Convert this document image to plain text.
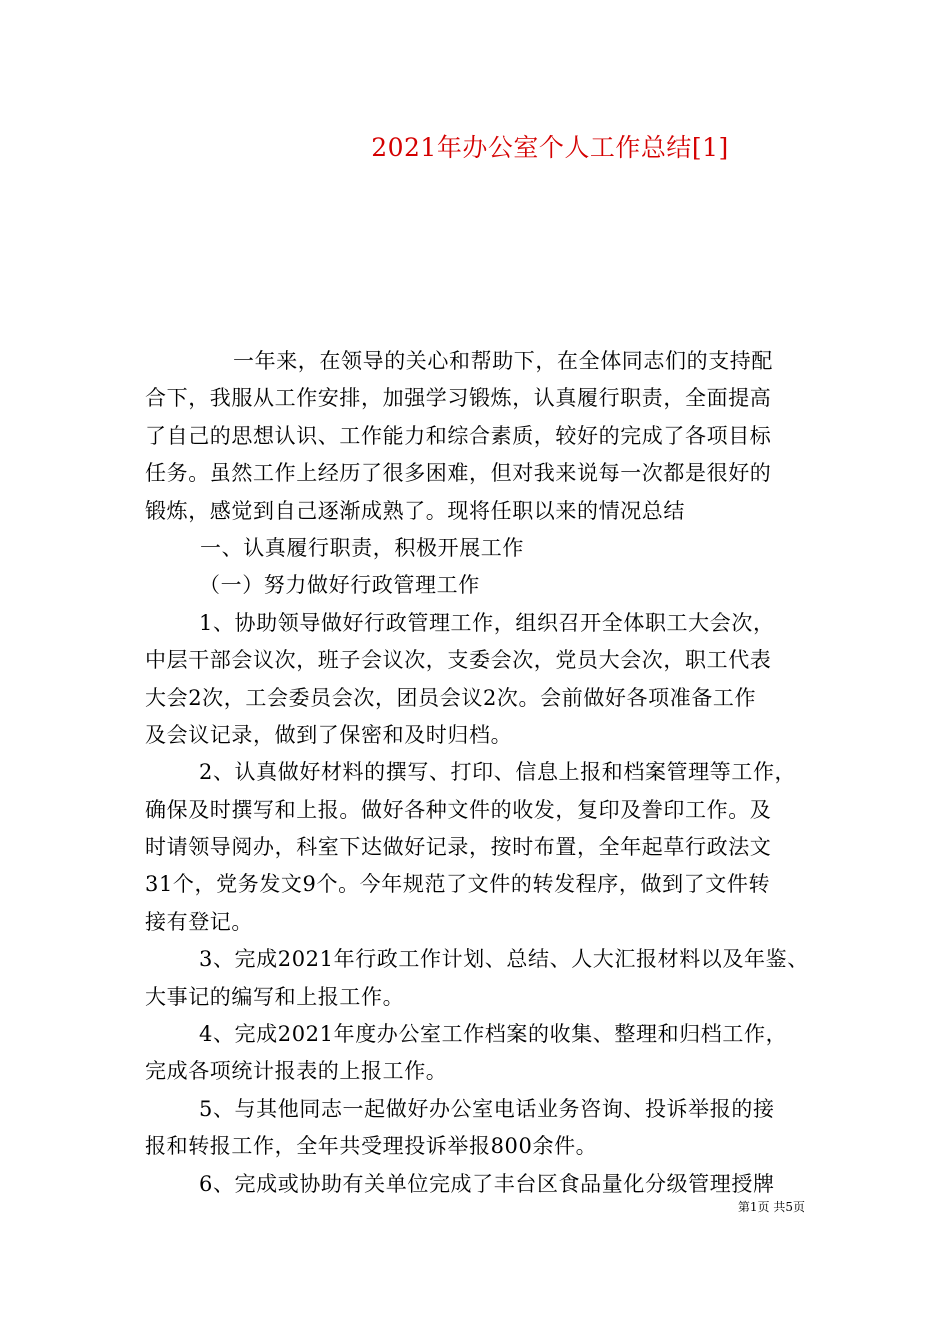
2021年办公室个人工作总结[1]
一年来，在领导的关心和帮助下，在全体同志们的支持配
合下，我服从工作安排，加强学习锻炼，认真履行职责，全面提高
了自己的思想认识、工作能力和综合素质，较好的完成了各项目标
任务。虽然工作上经历了很多困难，但对我来说每一次都是很好的
锻炼，感觉到自己逐渐成熟了。现将任职以来的情况总结
一、认真履行职责，积极开展工作
（一）努力做好行政管理工作
1、协助领导做好行政管理工作，组织召开全体职工大会次，
中层干部会议次，班子会议次，支委会次，党员大会次，职工代表
大会2次，工会委员会次，团员会议2次。会前做好各项准备工作
及会议记录，做到了保密和及时归档。
2、认真做好材料的撰写、打印、信息上报和档案管理等工作，
确保及时撰写和上报。做好各种文件的收发，复印及誊印工作。及
时请领导阅办，科室下达做好记录，按时布置，全年起草行政法文
31个，党务发文9个。今年规范了文件的转发程序，做到了文件转
接有登记。
3、完成2021年行政工作计划、总结、人大汇报材料以及年鉴、
大事记的编写和上报工作。
4、完成2021年度办公室工作档案的收集、整理和归档工作，
完成各项统计报表的上报工作。
5、与其他同志一起做好办公室电话业务咨询、投诉举报的接
报和转报工作，全年共受理投诉举报800余件。
6、完成或协助有关单位完成了丰台区食品量化分级管理授牌
第1页 共5页
